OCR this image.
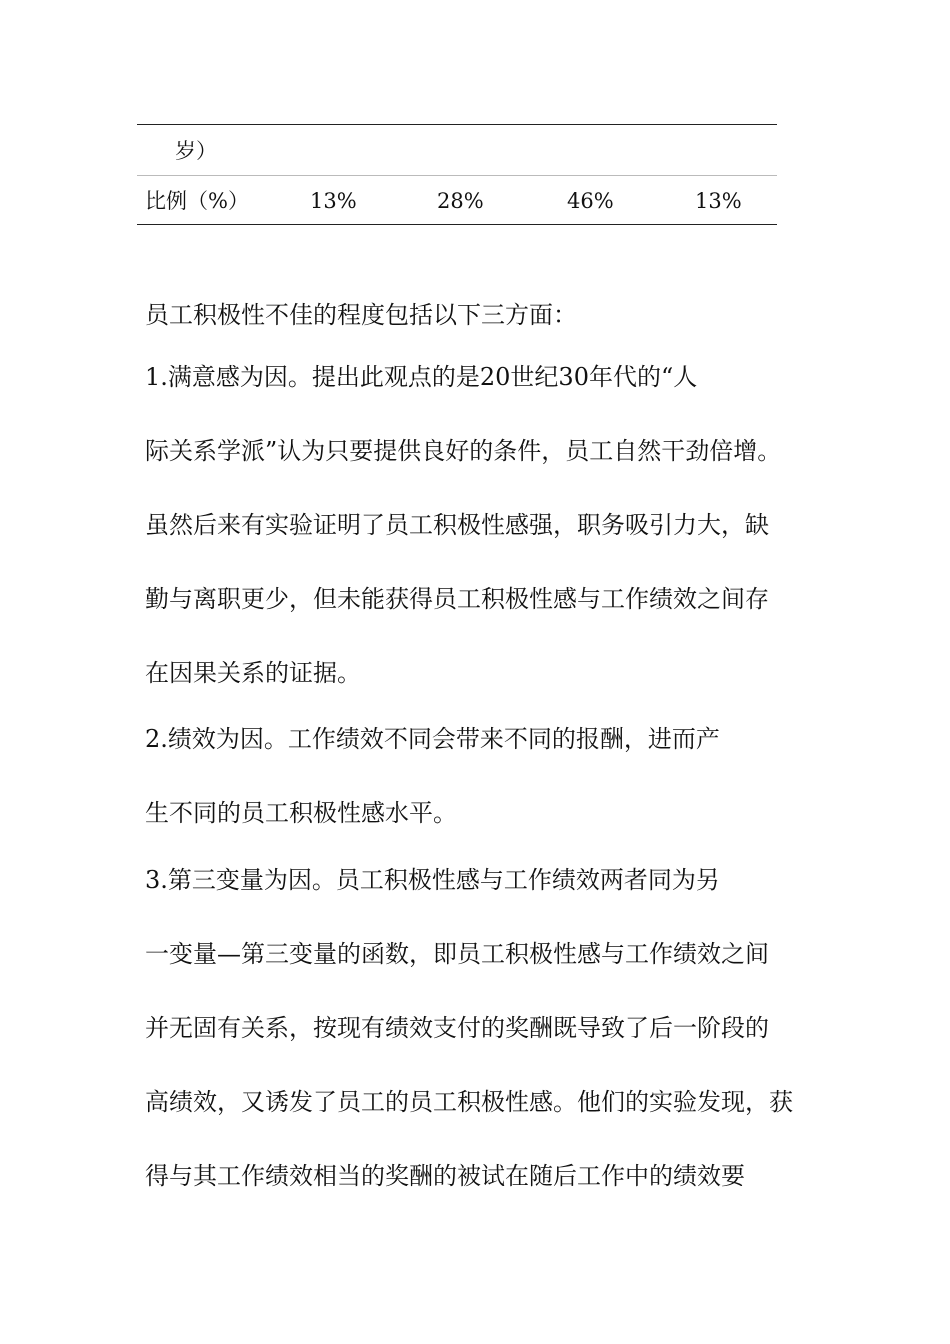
岁）
比例（%）	13%	28%	46%	13%

员工积极性不佳的程度包括以下三方面：

1.满意感为因。提出此观点的是20世纪30年代的“人
际关系学派”认为只要提供良好的条件，员工自然干劲倍增。
虽然后来有实验证明了员工积极性感强，职务吸引力大，缺
勤与离职更少，但未能获得员工积极性感与工作绩效之间存
在因果关系的证据。

2.绩效为因。工作绩效不同会带来不同的报酬，进而产
生不同的员工积极性感水平。

3.第三变量为因。员工积极性感与工作绩效两者同为另
一变量—第三变量的函数，即员工积极性感与工作绩效之间
并无固有关系，按现有绩效支付的奖酬既导致了后一阶段的
高绩效，又诱发了员工的员工积极性感。他们的实验发现，获
得与其工作绩效相当的奖酬的被试在随后工作中的绩效要
